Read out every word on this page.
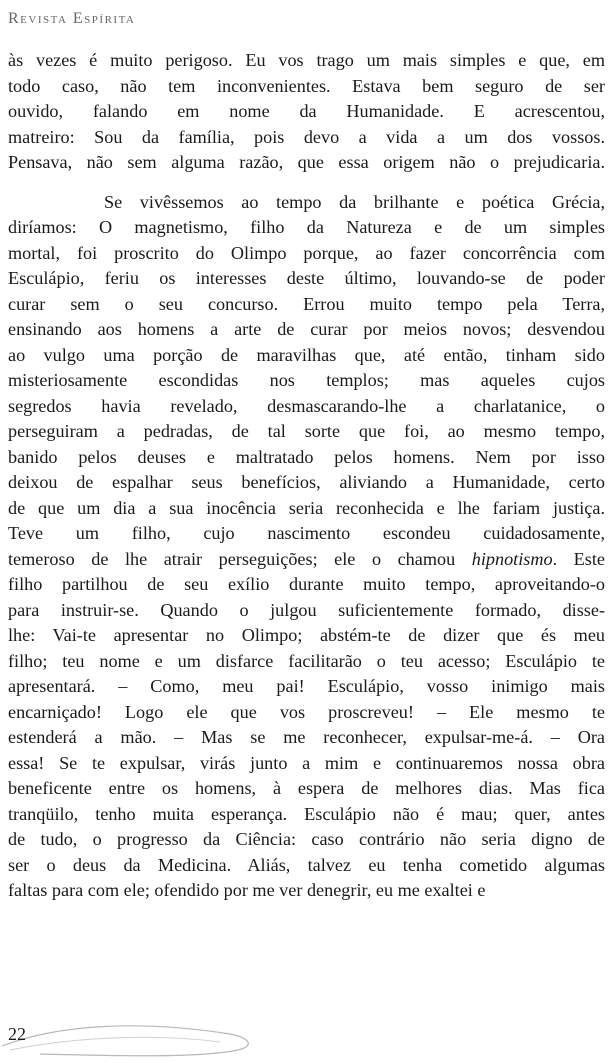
Revista Espírita

às vezes é muito perigoso. Eu vos trago um mais simples e que, em
todo caso, não tem inconvenientes. Estava bem seguro de ser
ouvido, falando em nome da Humanidade. E acrescentou,
matreiro: Sou da família, pois devo a vida a um dos vossos.
Pensava, não sem alguma razão, que essa origem não o prejudicaria.

Se vivêssemos ao tempo da brilhante e poética Grécia,
diríamos: O magnetismo, filho da Natureza e de um simples
mortal, foi proscrito do Olimpo porque, ao fazer concorrência com
Esculápio, feriu os interesses deste último, louvando-se de poder
curar sem o seu concurso. Errou muito tempo pela Terra,
ensinando aos homens a arte de curar por meios novos; desvendou
ao vulgo uma porção de maravilhas que, até então, tinham sido
misteriosamente escondidas nos templos; mas aqueles cujos
segredos havia revelado, desmascarando-lhe a charlatanice, o
perseguiram a pedradas, de tal sorte que foi, ao mesmo tempo,
banido pelos deuses e maltratado pelos homens. Nem por isso
deixou de espalhar seus benefícios, aliviando a Humanidade, certo
de que um dia a sua inocência seria reconhecida e lhe fariam justiça.
Teve um filho, cujo nascimento escondeu cuidadosamente,
temeroso de lhe atrair perseguições; ele o chamou hipnotismo. Este
filho partilhou de seu exílio durante muito tempo, aproveitando-o
para instruir-se. Quando o julgou suficientemente formado, disse-
lhe: Vai-te apresentar no Olimpo; abstém-te de dizer que és meu
filho; teu nome e um disfarce facilitarão o teu acesso; Esculápio te
apresentará. – Como, meu pai! Esculápio, vosso inimigo mais
encarniçado! Logo ele que vos proscreveu! – Ele mesmo te
estenderá a mão. – Mas se me reconhecer, expulsar-me-á. – Ora
essa! Se te expulsar, virás junto a mim e continuaremos nossa obra
beneficente entre os homens, à espera de melhores dias. Mas fica
tranqüilo, tenho muita esperança. Esculápio não é mau; quer, antes
de tudo, o progresso da Ciência: caso contrário não seria digno de
ser o deus da Medicina. Aliás, talvez eu tenha cometido algumas
faltas para com ele; ofendido por me ver denegrir, eu me exaltei e

22
